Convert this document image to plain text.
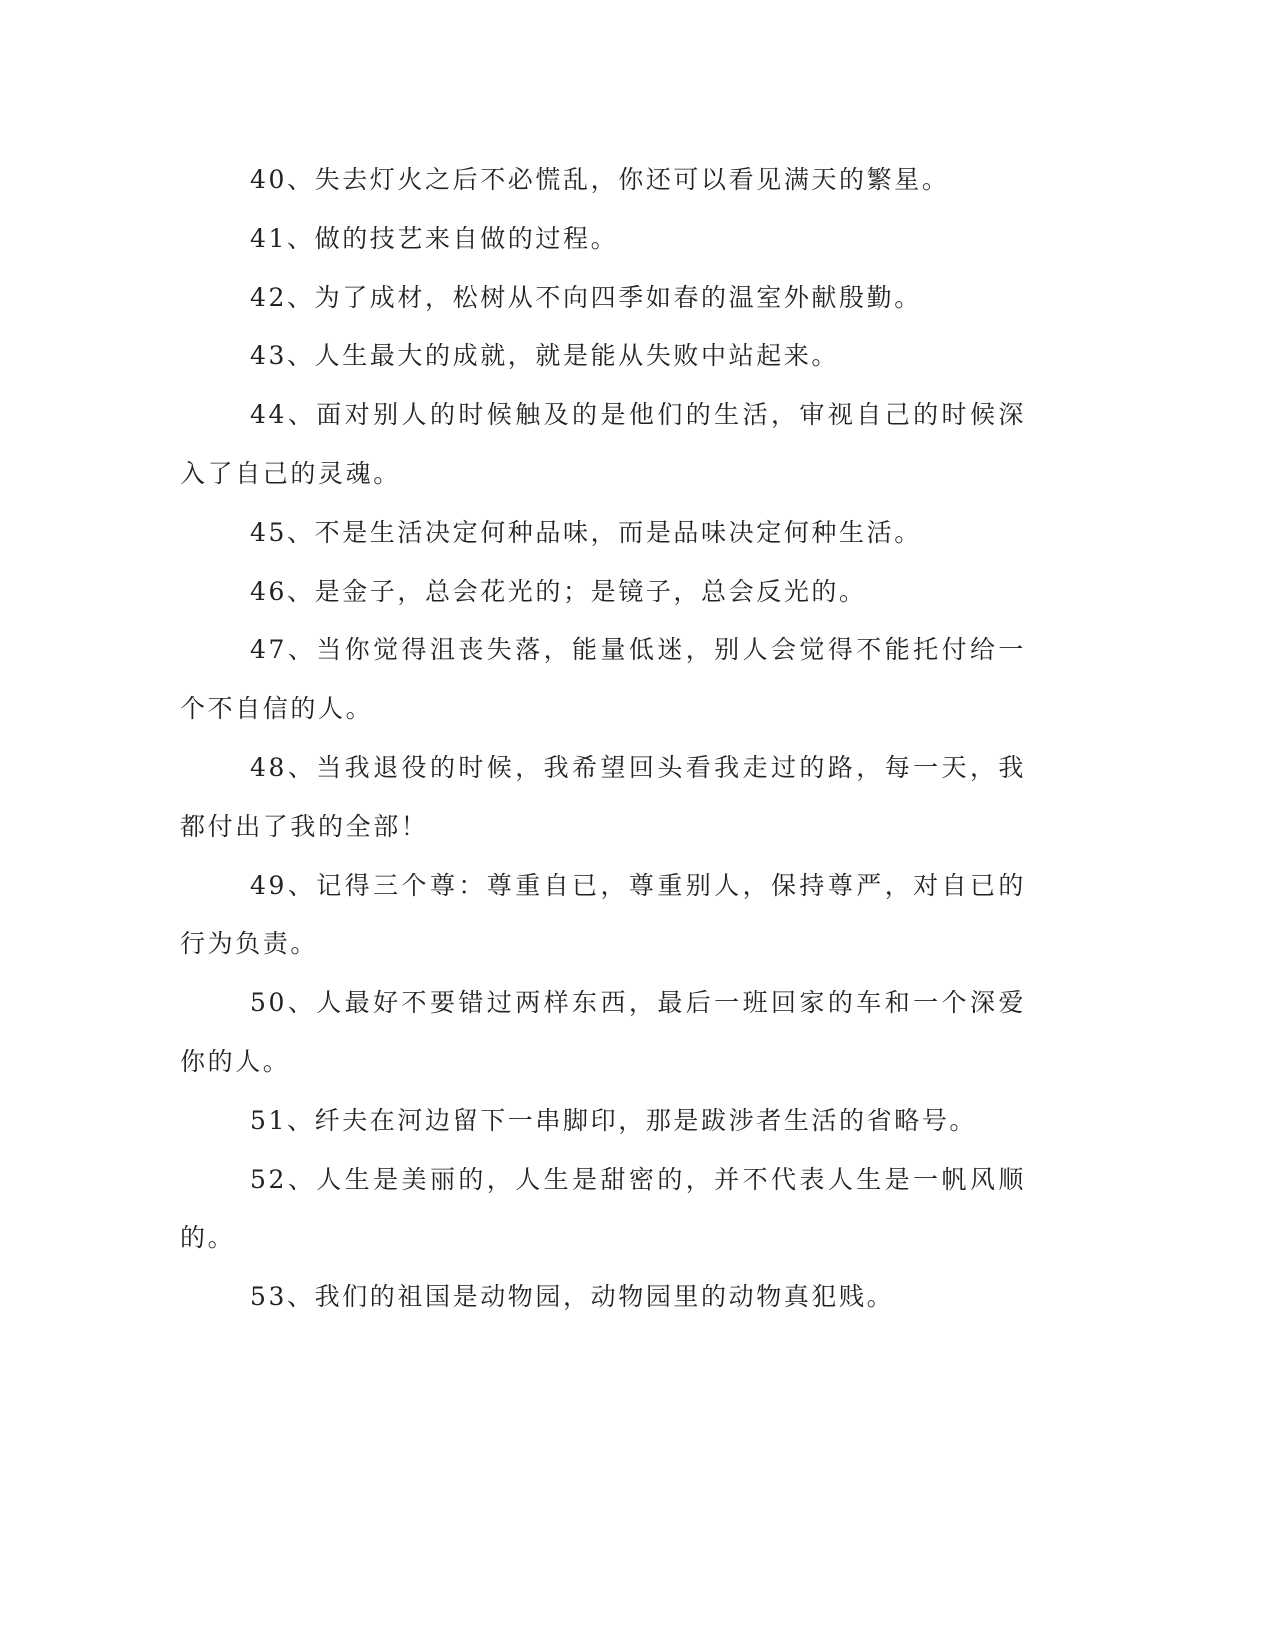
40、失去灯火之后不必慌乱，你还可以看见满天的繁星。

41、做的技艺来自做的过程。

42、为了成材，松树从不向四季如春的温室外献殷勤。

43、人生最大的成就，就是能从失败中站起来。

44、面对别人的时候触及的是他们的生活，审视自己的时候深入了自己的灵魂。

45、不是生活决定何种品味，而是品味决定何种生活。

46、是金子，总会花光的；是镜子，总会反光的。

47、当你觉得沮丧失落，能量低迷，别人会觉得不能托付给一个不自信的人。

48、当我退役的时候，我希望回头看我走过的路，每一天，我都付出了我的全部！

49、记得三个尊：尊重自已，尊重别人，保持尊严，对自已的行为负责。

50、人最好不要错过两样东西，最后一班回家的车和一个深爱你的人。

51、纤夫在河边留下一串脚印，那是跋涉者生活的省略号。

52、人生是美丽的，人生是甜密的，并不代表人生是一帆风顺的。

53、我们的祖国是动物园，动物园里的动物真犯贱。
